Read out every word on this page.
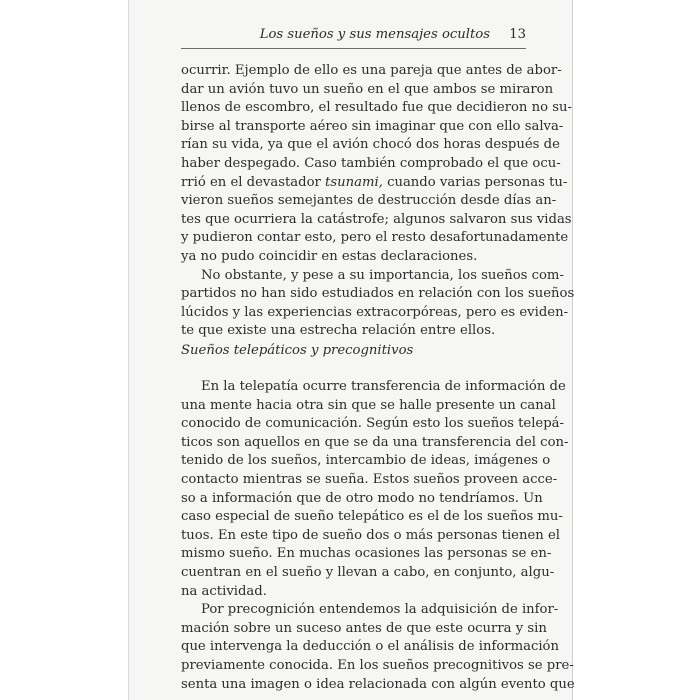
Los sueños y sus mensajes ocultos 13
ocurrir. Ejemplo de ello es una pareja que antes de abor-
dar un avión tuvo un sueño en el que ambos se miraron
llenos de escombro, el resultado fue que decidieron no su-
birse al transporte aéreo sin imaginar que con ello salva-
rían su vida, ya que el avión chocó dos horas después de
haber despegado. Caso también comprobado el que ocu-
rrió en el devastador tsunami, cuando varias personas tu-
vieron sueños semejantes de destrucción desde días an-
tes que ocurriera la catástrofe; algunos salvaron sus vidas
y pudieron contar esto, pero el resto desafortunadamente
ya no pudo coincidir en estas declaraciones.
No obstante, y pese a su importancia, los sueños com-
partidos no han sido estudiados en relación con los sueños
lúcidos y las experiencias extracorpóreas, pero es eviden-
te que existe una estrecha relación entre ellos.
Sueños telepáticos y precognitivos
En la telepatía ocurre transferencia de información de
una mente hacia otra sin que se halle presente un canal
conocido de comunicación. Según esto los sueños telepá-
ticos son aquellos en que se da una transferencia del con-
tenido de los sueños, intercambio de ideas, imágenes o
contacto mientras se sueña. Estos sueños proveen acce-
so a información que de otro modo no tendríamos. Un
caso especial de sueño telepático es el de los sueños mu-
tuos. En este tipo de sueño dos o más personas tienen el
mismo sueño. En muchas ocasiones las personas se en-
cuentran en el sueño y llevan a cabo, en conjunto, algu-
na actividad.
Por precognición entendemos la adquisición de infor-
mación sobre un suceso antes de que este ocurra y sin
que intervenga la deducción o el análisis de información
previamente conocida. En los sueños precognitivos se pre-
senta una imagen o idea relacionada con algún evento que
